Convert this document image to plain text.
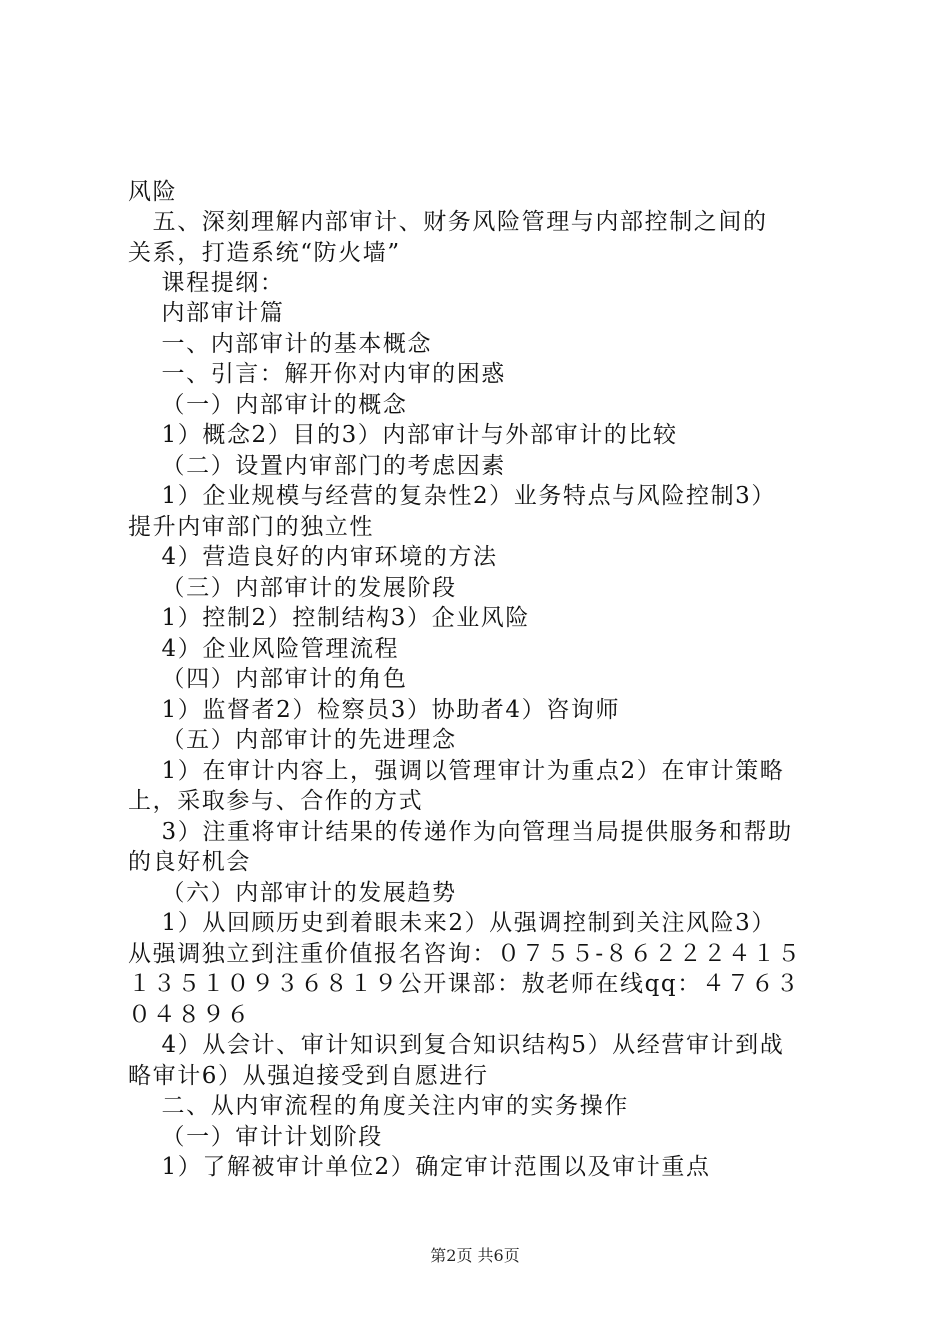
风险
　五、深刻理解内部审计、财务风险管理与内部控制之间的
关系，打造系统“防火墙”
　 课程提纲：
　 内部审计篇
　 一、内部审计的基本概念
　 一、引言：解开你对内审的困惑
　 （一）内部审计的概念
　 1）概念2）目的3）内部审计与外部审计的比较
　 （二）设置内审部门的考虑因素
　 1）企业规模与经营的复杂性2）业务特点与风险控制3）
提升内审部门的独立性
　 4）营造良好的内审环境的方法
　 （三）内部审计的发展阶段
　 1）控制2）控制结构3）企业风险
　 4）企业风险管理流程
　 （四）内部审计的角色
　 1）监督者2）检察员3）协助者4）咨询师
　 （五）内部审计的先进理念
　 1）在审计内容上，强调以管理审计为重点2）在审计策略
上，采取参与、合作的方式
　 3）注重将审计结果的传递作为向管理当局提供服务和帮助
的良好机会
　 （六）内部审计的发展趋势
　 1）从回顾历史到着眼未来2）从强调控制到关注风险3）
从强调独立到注重价值报名咨询：０７５５-８６２２２４１５
１３５１０９３６８１９公开课部：敖老师在线qq：４７６３
０４８９６
　 4）从会计、审计知识到复合知识结构5）从经营审计到战
略审计6）从强迫接受到自愿进行
　 二、从内审流程的角度关注内审的实务操作
　 （一）审计计划阶段
　 1）了解被审计单位2）确定审计范围以及审计重点
第2页 共6页
